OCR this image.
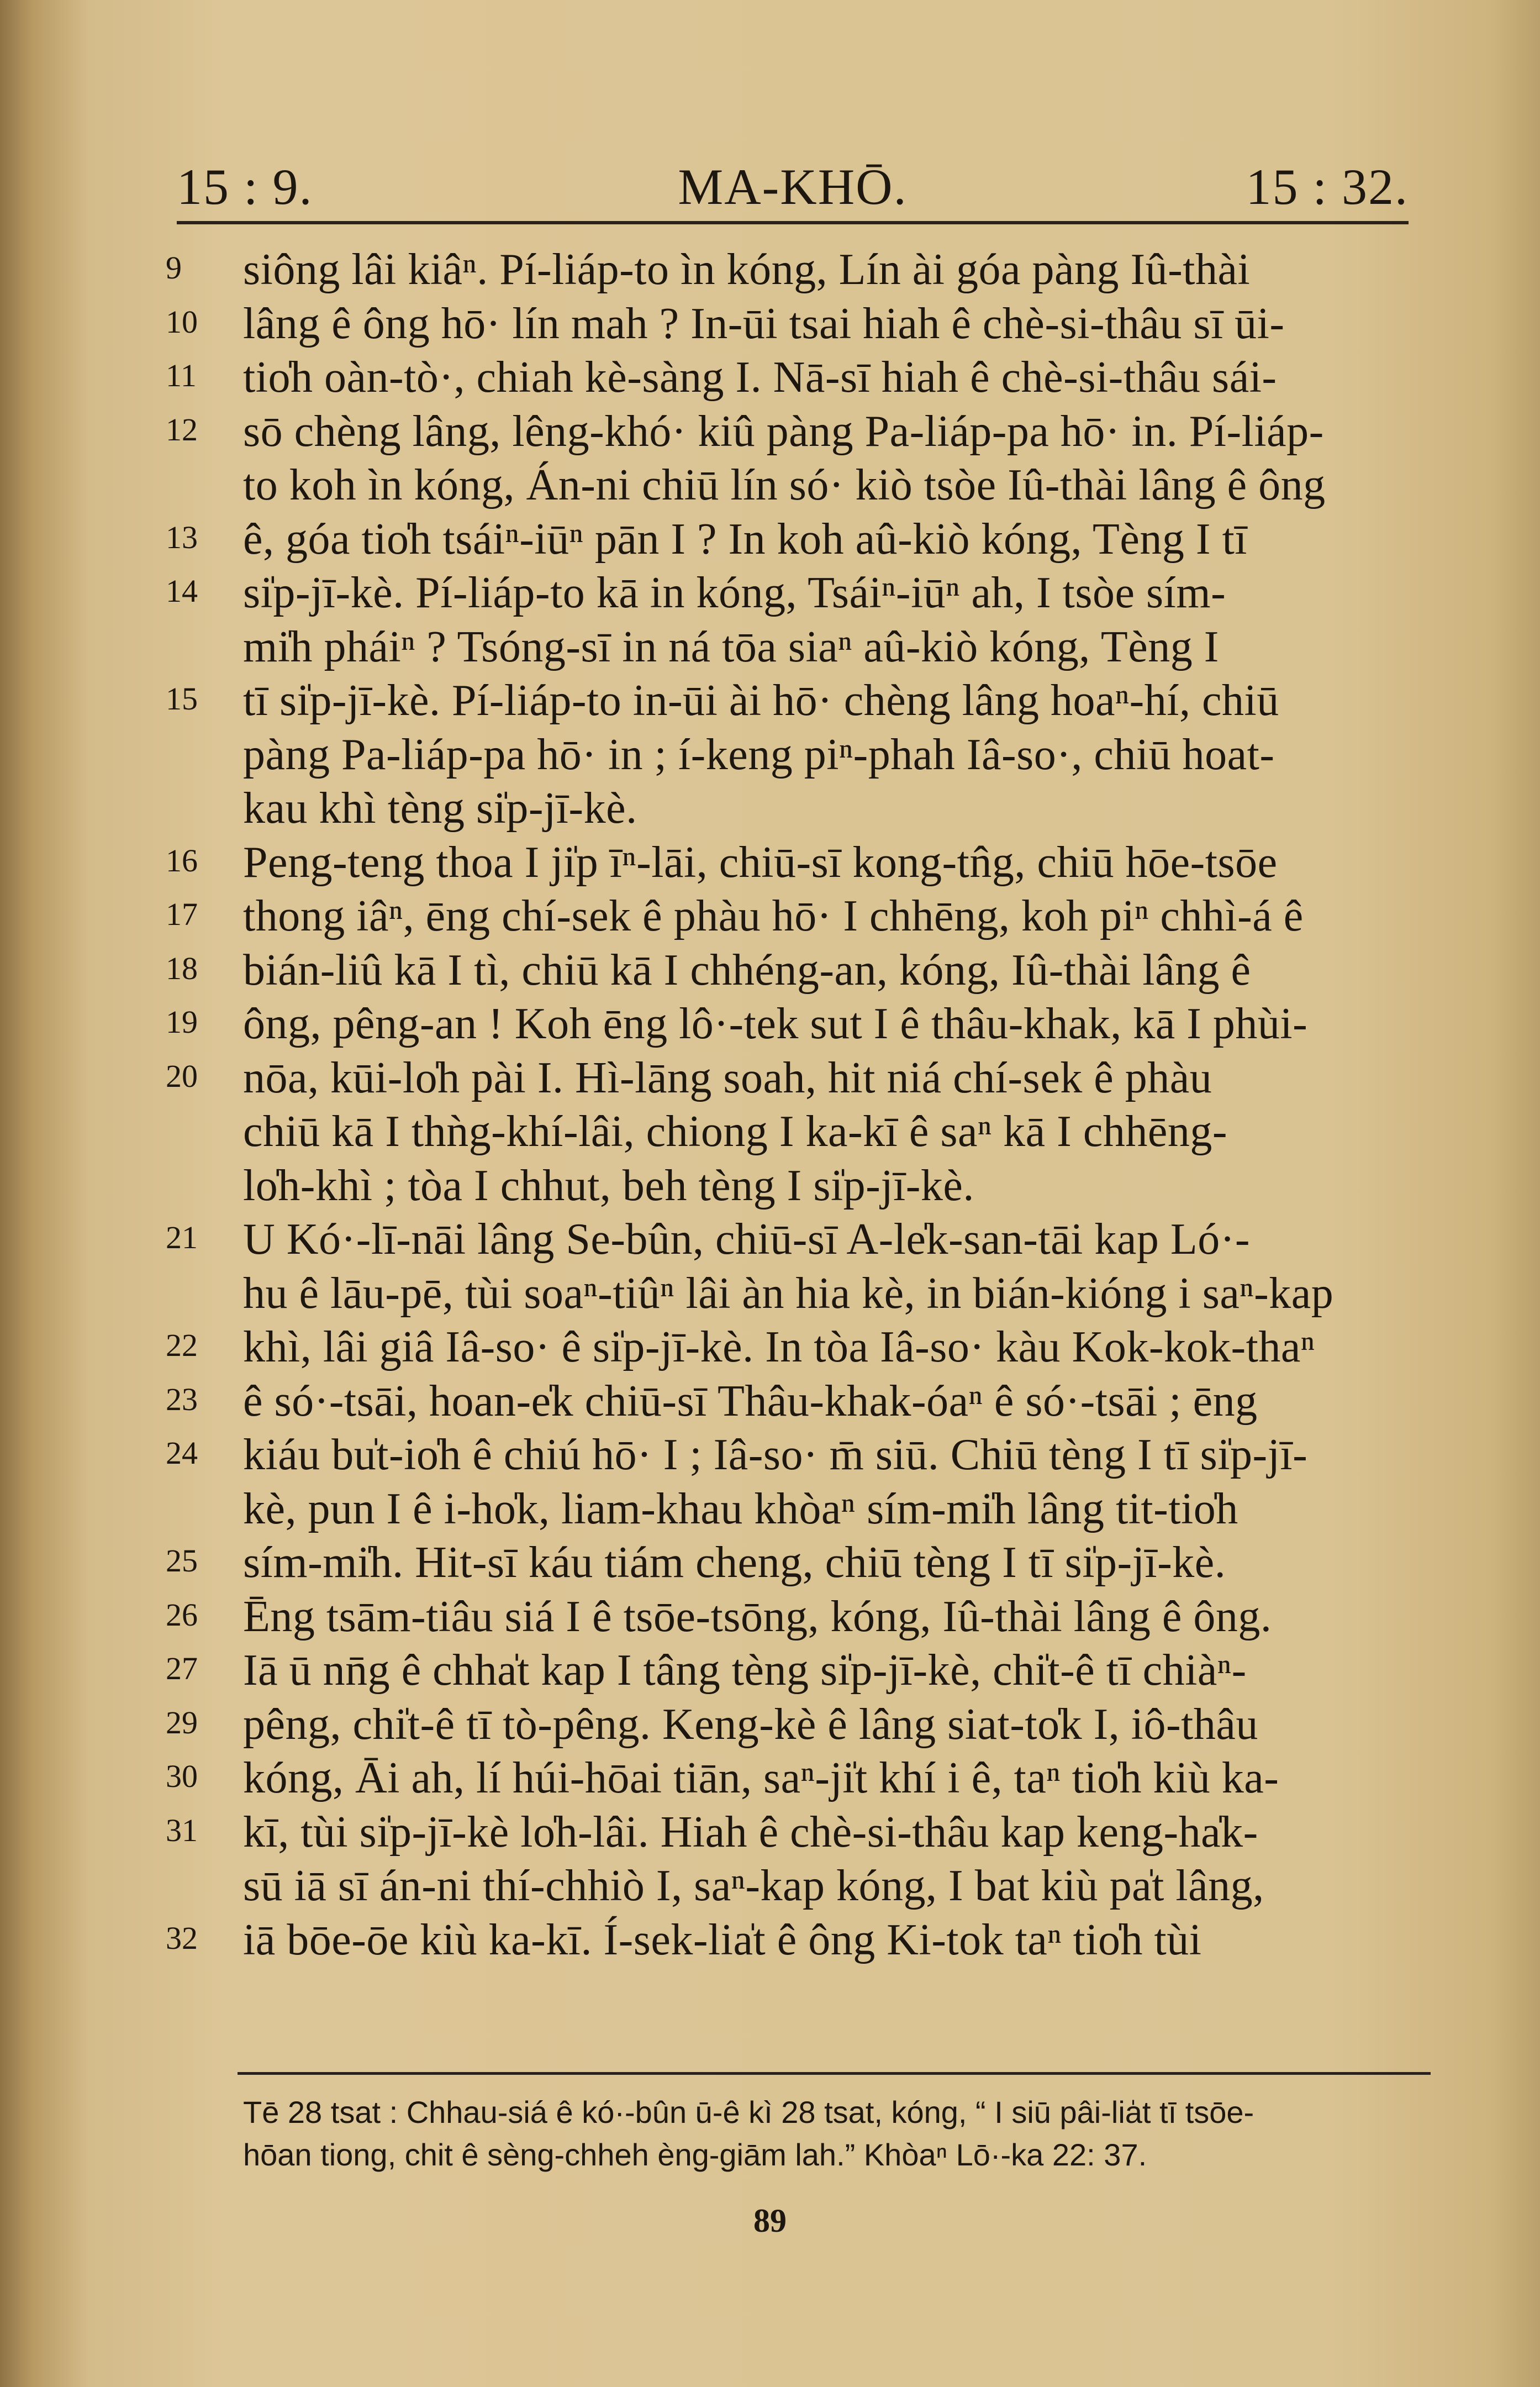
15 : 9.	MA-KHŌ.	15 : 32.
9	siông lâi kiâⁿ. Pí-liáp-to ìn kóng, Lín ài góa pàng Iû-thài
10	lâng ê ông hō· lín mah ? In-ūi tsai hiah ê chè-si-thâu sī ūi-
11	tio̍h oàn-tò·, chiah kè-sàng I. Nā-sī hiah ê chè-si-thâu sái-
12	sō chèng lâng, lêng-khó· kiû pàng Pa-liáp-pa hō· in. Pí-liáp-
to koh ìn kóng, Án-ni chiū lín só· kiò tsòe Iû-thài lâng ê ông
13	ê, góa tio̍h tsáiⁿ-iūⁿ pān I ? In koh aû-kiò kóng, Tèng I tī
14	si̍p-jī-kè. Pí-liáp-to kā in kóng, Tsáiⁿ-iūⁿ ah, I tsòe sím-
mi̍h pháiⁿ ? Tsóng-sī in ná tōa siaⁿ aû-kiò kóng, Tèng I
15	tī si̍p-jī-kè. Pí-liáp-to in-ūi ài hō· chèng lâng hoaⁿ-hí, chiū
pàng Pa-liáp-pa hō· in ; í-keng piⁿ-phah Iâ-so·, chiū hoat-
kau khì tèng si̍p-jī-kè.
16	Peng-teng thoa I ji̍p īⁿ-lāi, chiū-sī kong-tn̂g, chiū hōe-tsōe
17	thong iâⁿ, ēng chí-sek ê phàu hō· I chhēng, koh piⁿ chhì-á ê
18	bián-liû kā I tì, chiū kā I chhéng-an, kóng, Iû-thài lâng ê
19	ông, pêng-an ! Koh ēng lô·-tek sut I ê thâu-khak, kā I phùi-
20	nōa, kūi-lo̍h pài I. Hì-lāng soah, hit niá chí-sek ê phàu
chiū kā I thǹg-khí-lâi, chiong I ka-kī ê saⁿ kā I chhēng-
lo̍h-khì ; tòa I chhut, beh tèng I si̍p-jī-kè.
21	U Kó·-lī-nāi lâng Se-bûn, chiū-sī A-le̍k-san-tāi kap Ló·-
hu ê lāu-pē, tùi soaⁿ-tiûⁿ lâi àn hia kè, in bián-kióng i saⁿ-kap
22	khì, lâi giâ Iâ-so· ê si̍p-jī-kè. In tòa Iâ-so· kàu Kok-kok-thaⁿ
23	ê só·-tsāi, hoan-e̍k chiū-sī Thâu-khak-óaⁿ ê só·-tsāi ; ēng
24	kiáu bu̍t-io̍h ê chiú hō· I ; Iâ-so· m̄ siū. Chiū tèng I tī si̍p-jī-
kè, pun I ê i-ho̍k, liam-khau khòaⁿ sím-mi̍h lâng tit-tio̍h
25	sím-mi̍h. Hit-sī káu tiám cheng, chiū tèng I tī si̍p-jī-kè.
26	Ēng tsām-tiâu siá I ê tsōe-tsōng, kóng, Iû-thài lâng ê ông.
27	Iā ū nn̄g ê chha̍t kap I tâng tèng si̍p-jī-kè, chi̍t-ê tī chiàⁿ-
29	pêng, chi̍t-ê tī tò-pêng. Keng-kè ê lâng siat-to̍k I, iô-thâu
30	kóng, Āi ah, lí húi-hōai tiān, saⁿ-ji̍t khí i ê, taⁿ tio̍h kiù ka-
31	kī, tùi si̍p-jī-kè lo̍h-lâi. Hiah ê chè-si-thâu kap keng-ha̍k-
sū iā sī án-ni thí-chhiò I, saⁿ-kap kóng, I bat kiù pa̍t lâng,
32	iā bōe-ōe kiù ka-kī. Í-sek-lia̍t ê ông Ki-tok taⁿ tio̍h tùi
Tē 28 tsat : Chhau-siá ê kó·-bûn ū-ê kì 28 tsat, kóng, “ I siū pâi-lia̍t tī tsōe-
hōan tiong, chit ê sèng-chheh èng-giām lah.” Khòaⁿ Lō·-ka 22: 37.
89
